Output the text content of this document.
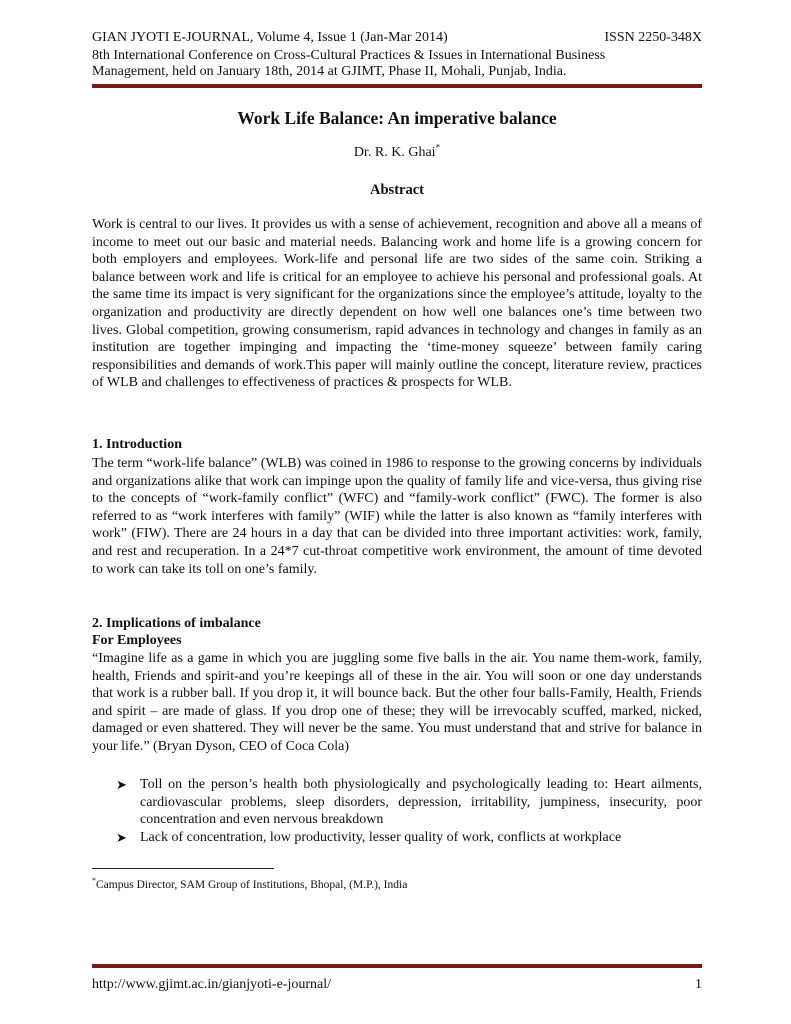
GIAN JYOTI E-JOURNAL, Volume 4, Issue 1 (Jan-Mar 2014)	ISSN 2250-348X
8th International Conference on Cross-Cultural Practices & Issues in International Business
Management, held on January 18th, 2014 at GJIMT, Phase II, Mohali, Punjab, India.
Work Life Balance: An imperative balance
Dr. R. K. Ghai*
Abstract
Work is central to our lives. It provides us with a sense of achievement, recognition and above all a means of income to meet out our basic and material needs. Balancing work and home life is a growing concern for both employers and employees. Work-life and personal life are two sides of the same coin. Striking a balance between work and life is critical for an employee to achieve his personal and professional goals. At the same time its impact is very significant for the organizations since the employee’s attitude, loyalty to the organization and productivity are directly dependent on how well one balances one’s time between two lives. Global competition, growing consumerism, rapid advances in technology and changes in family as an institution are together impinging and impacting the ‘time-money squeeze’ between family caring responsibilities and demands of work.This paper will mainly outline the concept, literature review, practices of WLB and challenges to effectiveness of practices & prospects for WLB.
1. Introduction
The term “work-life balance” (WLB) was coined in 1986 to response to the growing concerns by individuals and organizations alike that work can impinge upon the quality of family life and vice-versa, thus giving rise to the concepts of “work-family conflict” (WFC) and “family-work conflict” (FWC). The former is also referred to as “work interferes with family” (WIF) while the latter is also known as “family interferes with work” (FIW). There are 24 hours in a day that can be divided into three important activities: work, family, and rest and recuperation. In a 24*7 cut-throat competitive work environment, the amount of time devoted to work can take its toll on one’s family.
2. Implications of imbalance
For Employees
“Imagine life as a game in which you are juggling some five balls in the air. You name them-work, family, health, Friends and spirit-and you’re keepings all of these in the air. You will soon or one day understands that work is a rubber ball. If you drop it, it will bounce back. But the other four balls-Family, Health, Friends and spirit – are made of glass. If you drop one of these; they will be irrevocably scuffed, marked, nicked, damaged or even shattered. They will never be the same. You must understand that and strive for balance in your life.” (Bryan Dyson, CEO of Coca Cola)
➤ Toll on the person’s health both physiologically and psychologically leading to: Heart ailments, cardiovascular problems, sleep disorders, depression, irritability, jumpiness, insecurity, poor concentration and even nervous breakdown
➤ Lack of concentration, low productivity, lesser quality of work, conflicts at workplace
*Campus Director, SAM Group of Institutions, Bhopal, (M.P.), India
http://www.gjimt.ac.in/gianjyoti-e-journal/	1
